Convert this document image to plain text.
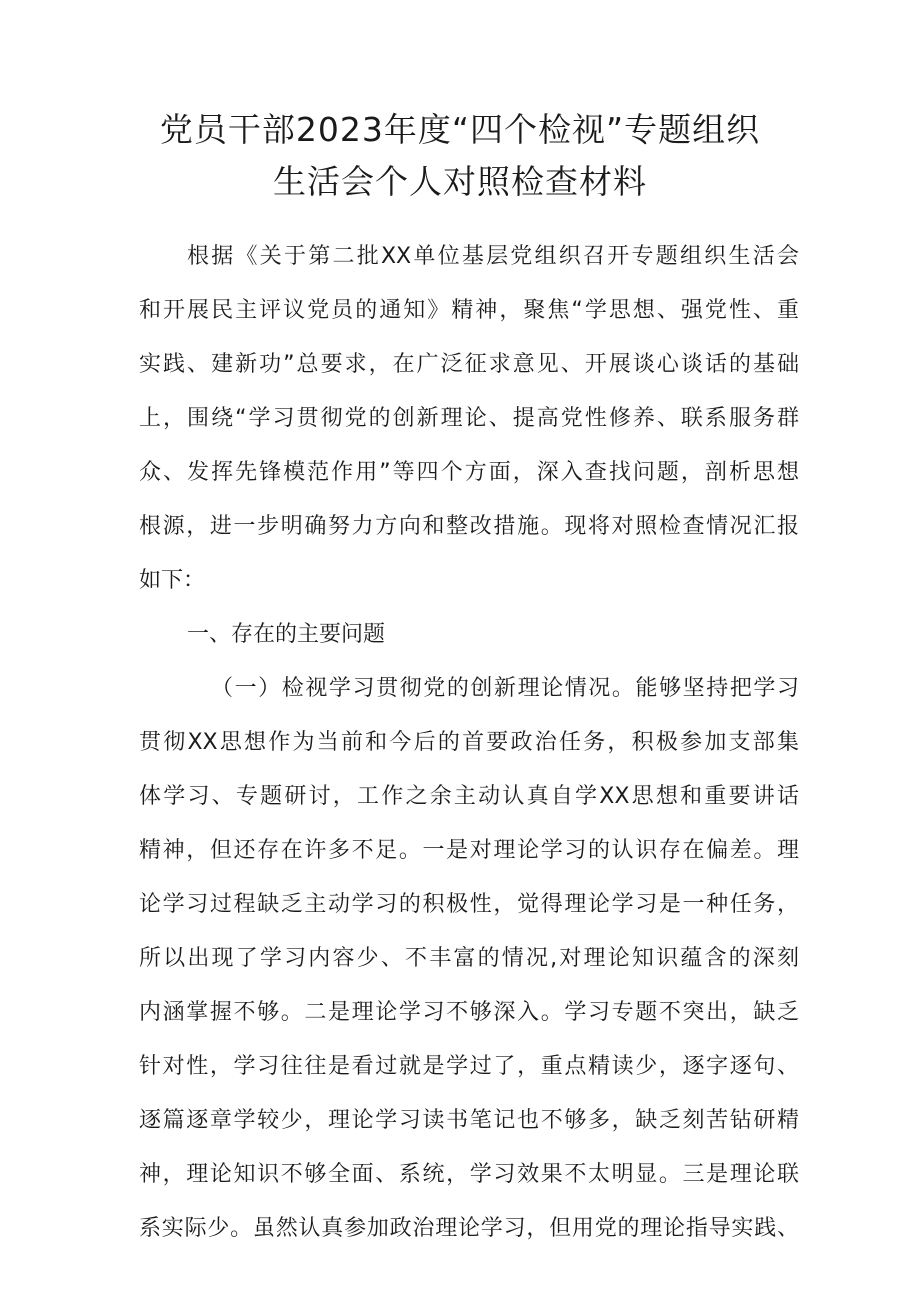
党员干部2023年度“四个检视”专题组织
生活会个人对照检查材料
根据《关于第二批XX单位基层党组织召开专题组织生活会
和开展民主评议党员的通知》精神，聚焦“学思想、强党性、重
实践、建新功”总要求，在广泛征求意见、开展谈心谈话的基础
上，围绕“学习贯彻党的创新理论、提高党性修养、联系服务群
众、发挥先锋模范作用”等四个方面，深入查找问题，剖析思想
根源，进一步明确努力方向和整改措施。现将对照检查情况汇报
如下：
一、存在的主要问题
（一）检视学习贯彻党的创新理论情况。能够坚持把学习
贯彻XX思想作为当前和今后的首要政治任务，积极参加支部集
体学习、专题研讨，工作之余主动认真自学XX思想和重要讲话
精神，但还存在许多不足。一是对理论学习的认识存在偏差。理
论学习过程缺乏主动学习的积极性，觉得理论学习是一种任务，
所以出现了学习内容少、不丰富的情况,对理论知识蕴含的深刻
内涵掌握不够。二是理论学习不够深入。学习专题不突出，缺乏
针对性，学习往往是看过就是学过了，重点精读少，逐字逐句、
逐篇逐章学较少，理论学习读书笔记也不够多，缺乏刻苦钻研精
神，理论知识不够全面、系统，学习效果不太明显。三是理论联
系实际少。虽然认真参加政治理论学习，但用党的理论指导实践、
